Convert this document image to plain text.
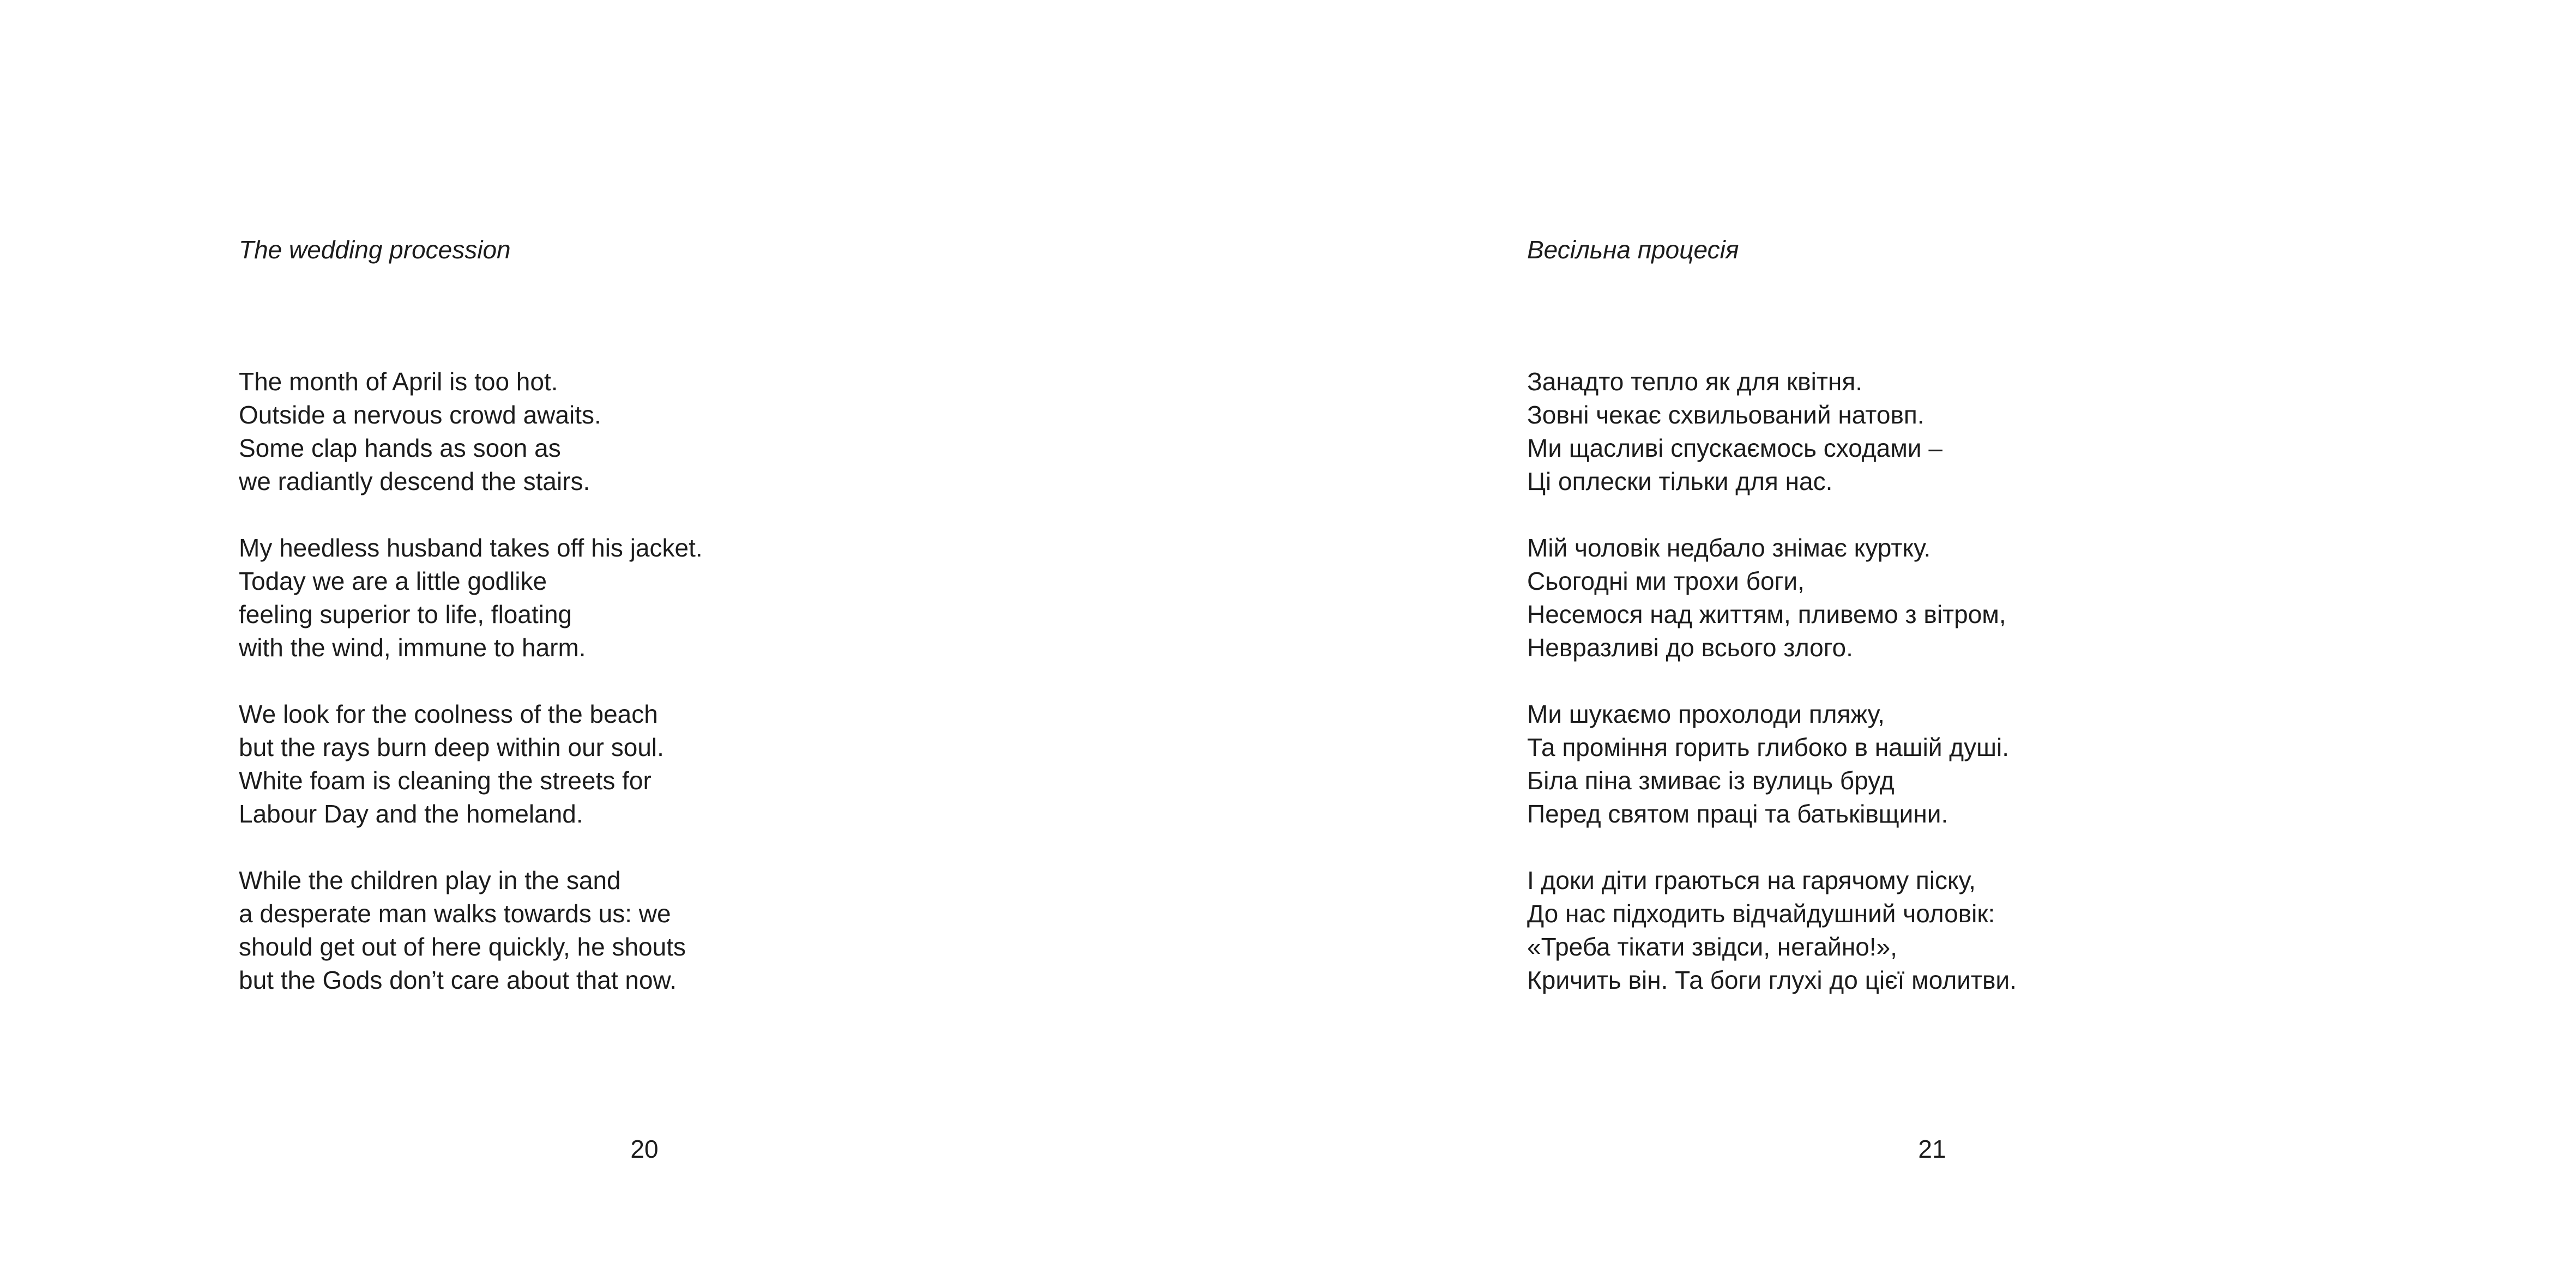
The wedding procession
The month of April is too hot.
Outside a nervous crowd awaits.
Some clap hands as soon as
we radiantly descend the stairs.
My heedless husband takes off his jacket.
Today we are a little godlike
feeling superior to life, floating
with the wind, immune to harm.
We look for the coolness of the beach
but the rays burn deep within our soul.
White foam is cleaning the streets for
Labour Day and the homeland.
While the children play in the sand
a desperate man walks towards us: we
should get out of here quickly, he shouts
but the Gods don’t care about that now.
20
Весільна процесія
Занадто тепло як для квітня.
Зовні чекає схвильований натовп.
Ми щасливі спускаємось сходами –
Ці оплески тільки для нас.
Мій чоловік недбало знімає куртку.
Сьогодні ми трохи боги,
Несемося над життям, пливемо з вітром,
Невразливі до всього злого.
Ми шукаємо прохолоди пляжу,
Та проміння горить глибоко в нашій душі.
Біла піна змиває із вулиць бруд
Перед святом праці та батьківщини.
І доки діти граються на гарячому піску,
До нас підходить відчайдушний чоловік:
«Треба тікати звідси, негайно!»,
Кричить він. Та боги глухі до цієї молитви.
21
